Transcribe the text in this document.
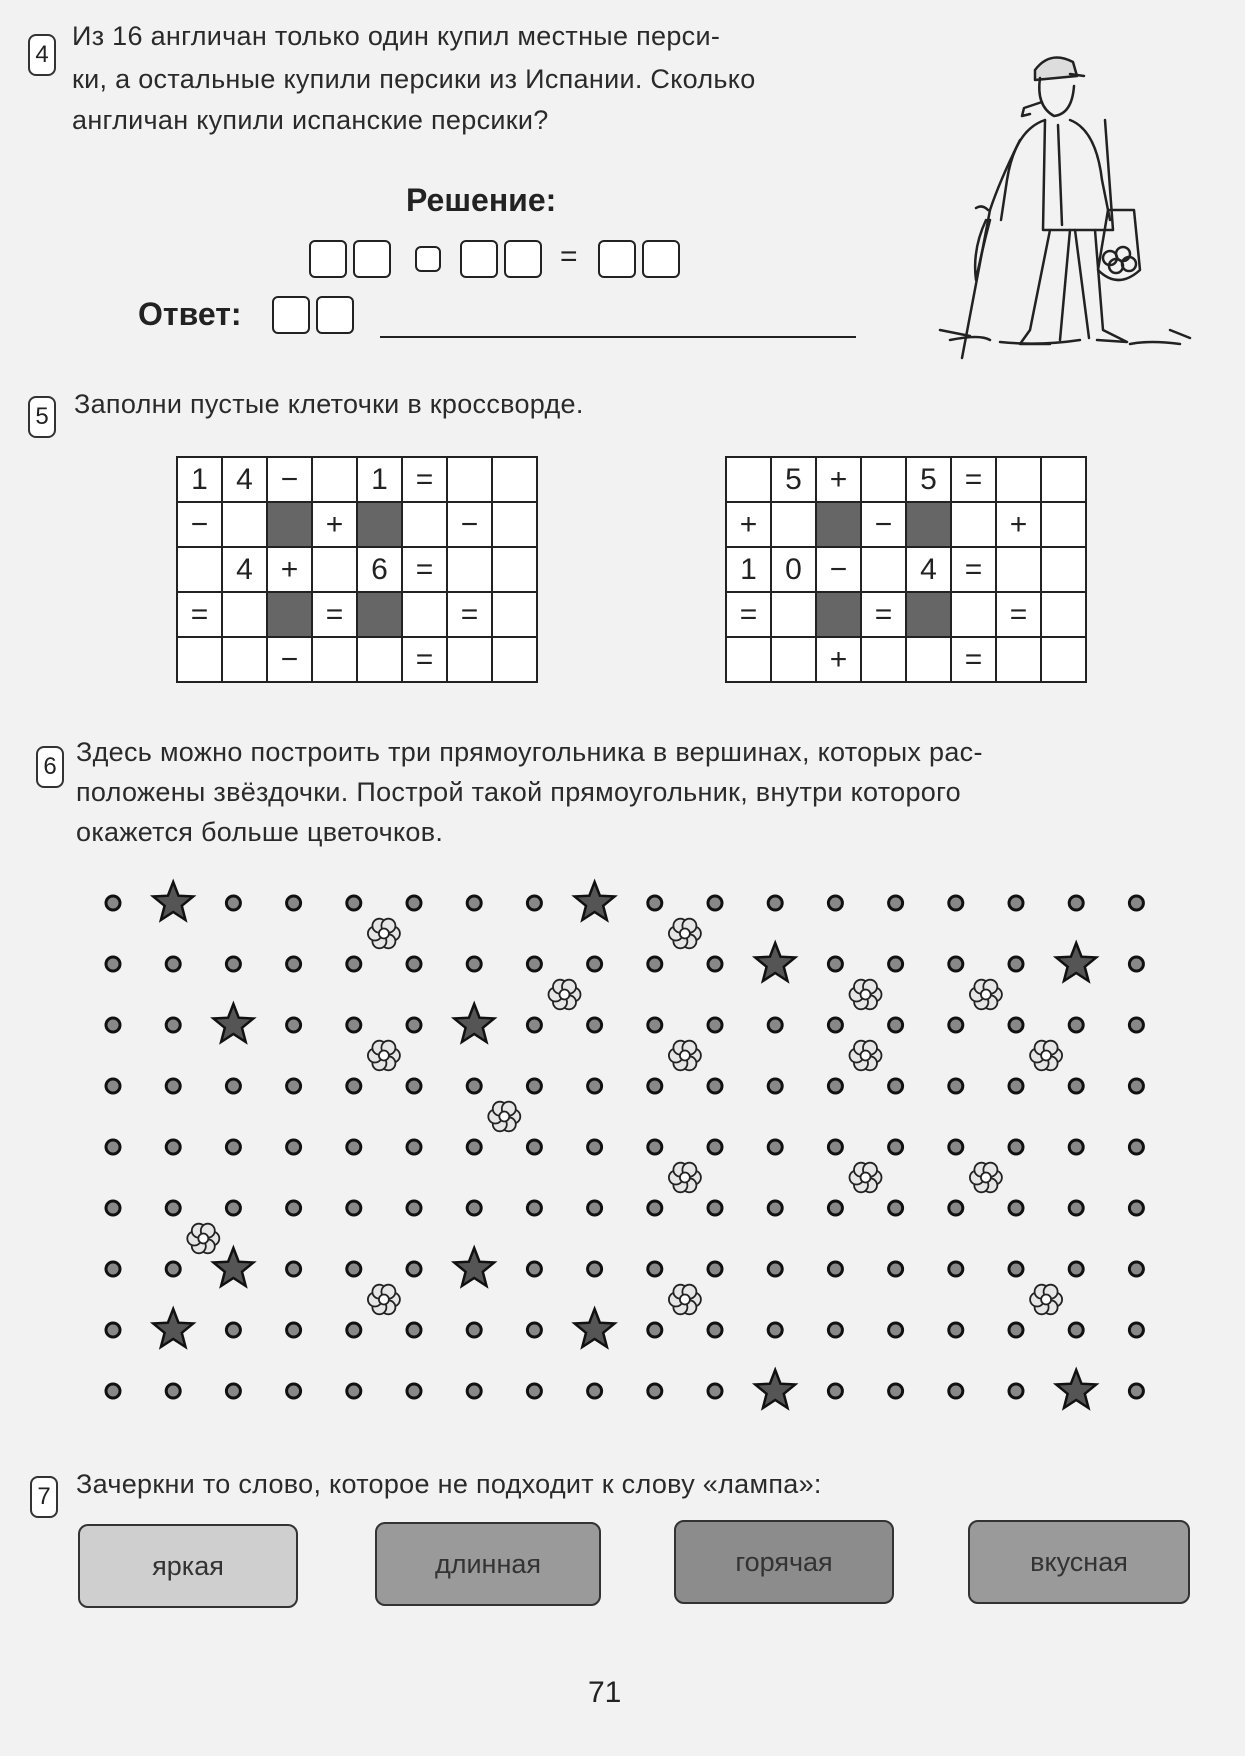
4
Из 16 англичан только один купил местные перси-
ки, а остальные купили персики из Испании. Сколько
англичан купили испанские персики?
Решение:
=
Ответ:
5 Заполни пустые клеточки в кроссворде.
1	4	−		1	=		
−			+			−	
	4	+		6	=		
=			=			=	
		−			=		
	5	+		5	=		
+			−			+	
1	0	−		4	=		
=			=			=	
		+			=		
6 Здесь можно построить три прямоугольника в вершинах, которых рас-
положены звёздочки. Построй такой прямоугольник, внутри которого
окажется больше цветочков.
7 Зачеркни то слово, которое не подходит к слову «лампа»:
яркая	длинная	горячая	вкусная
71
